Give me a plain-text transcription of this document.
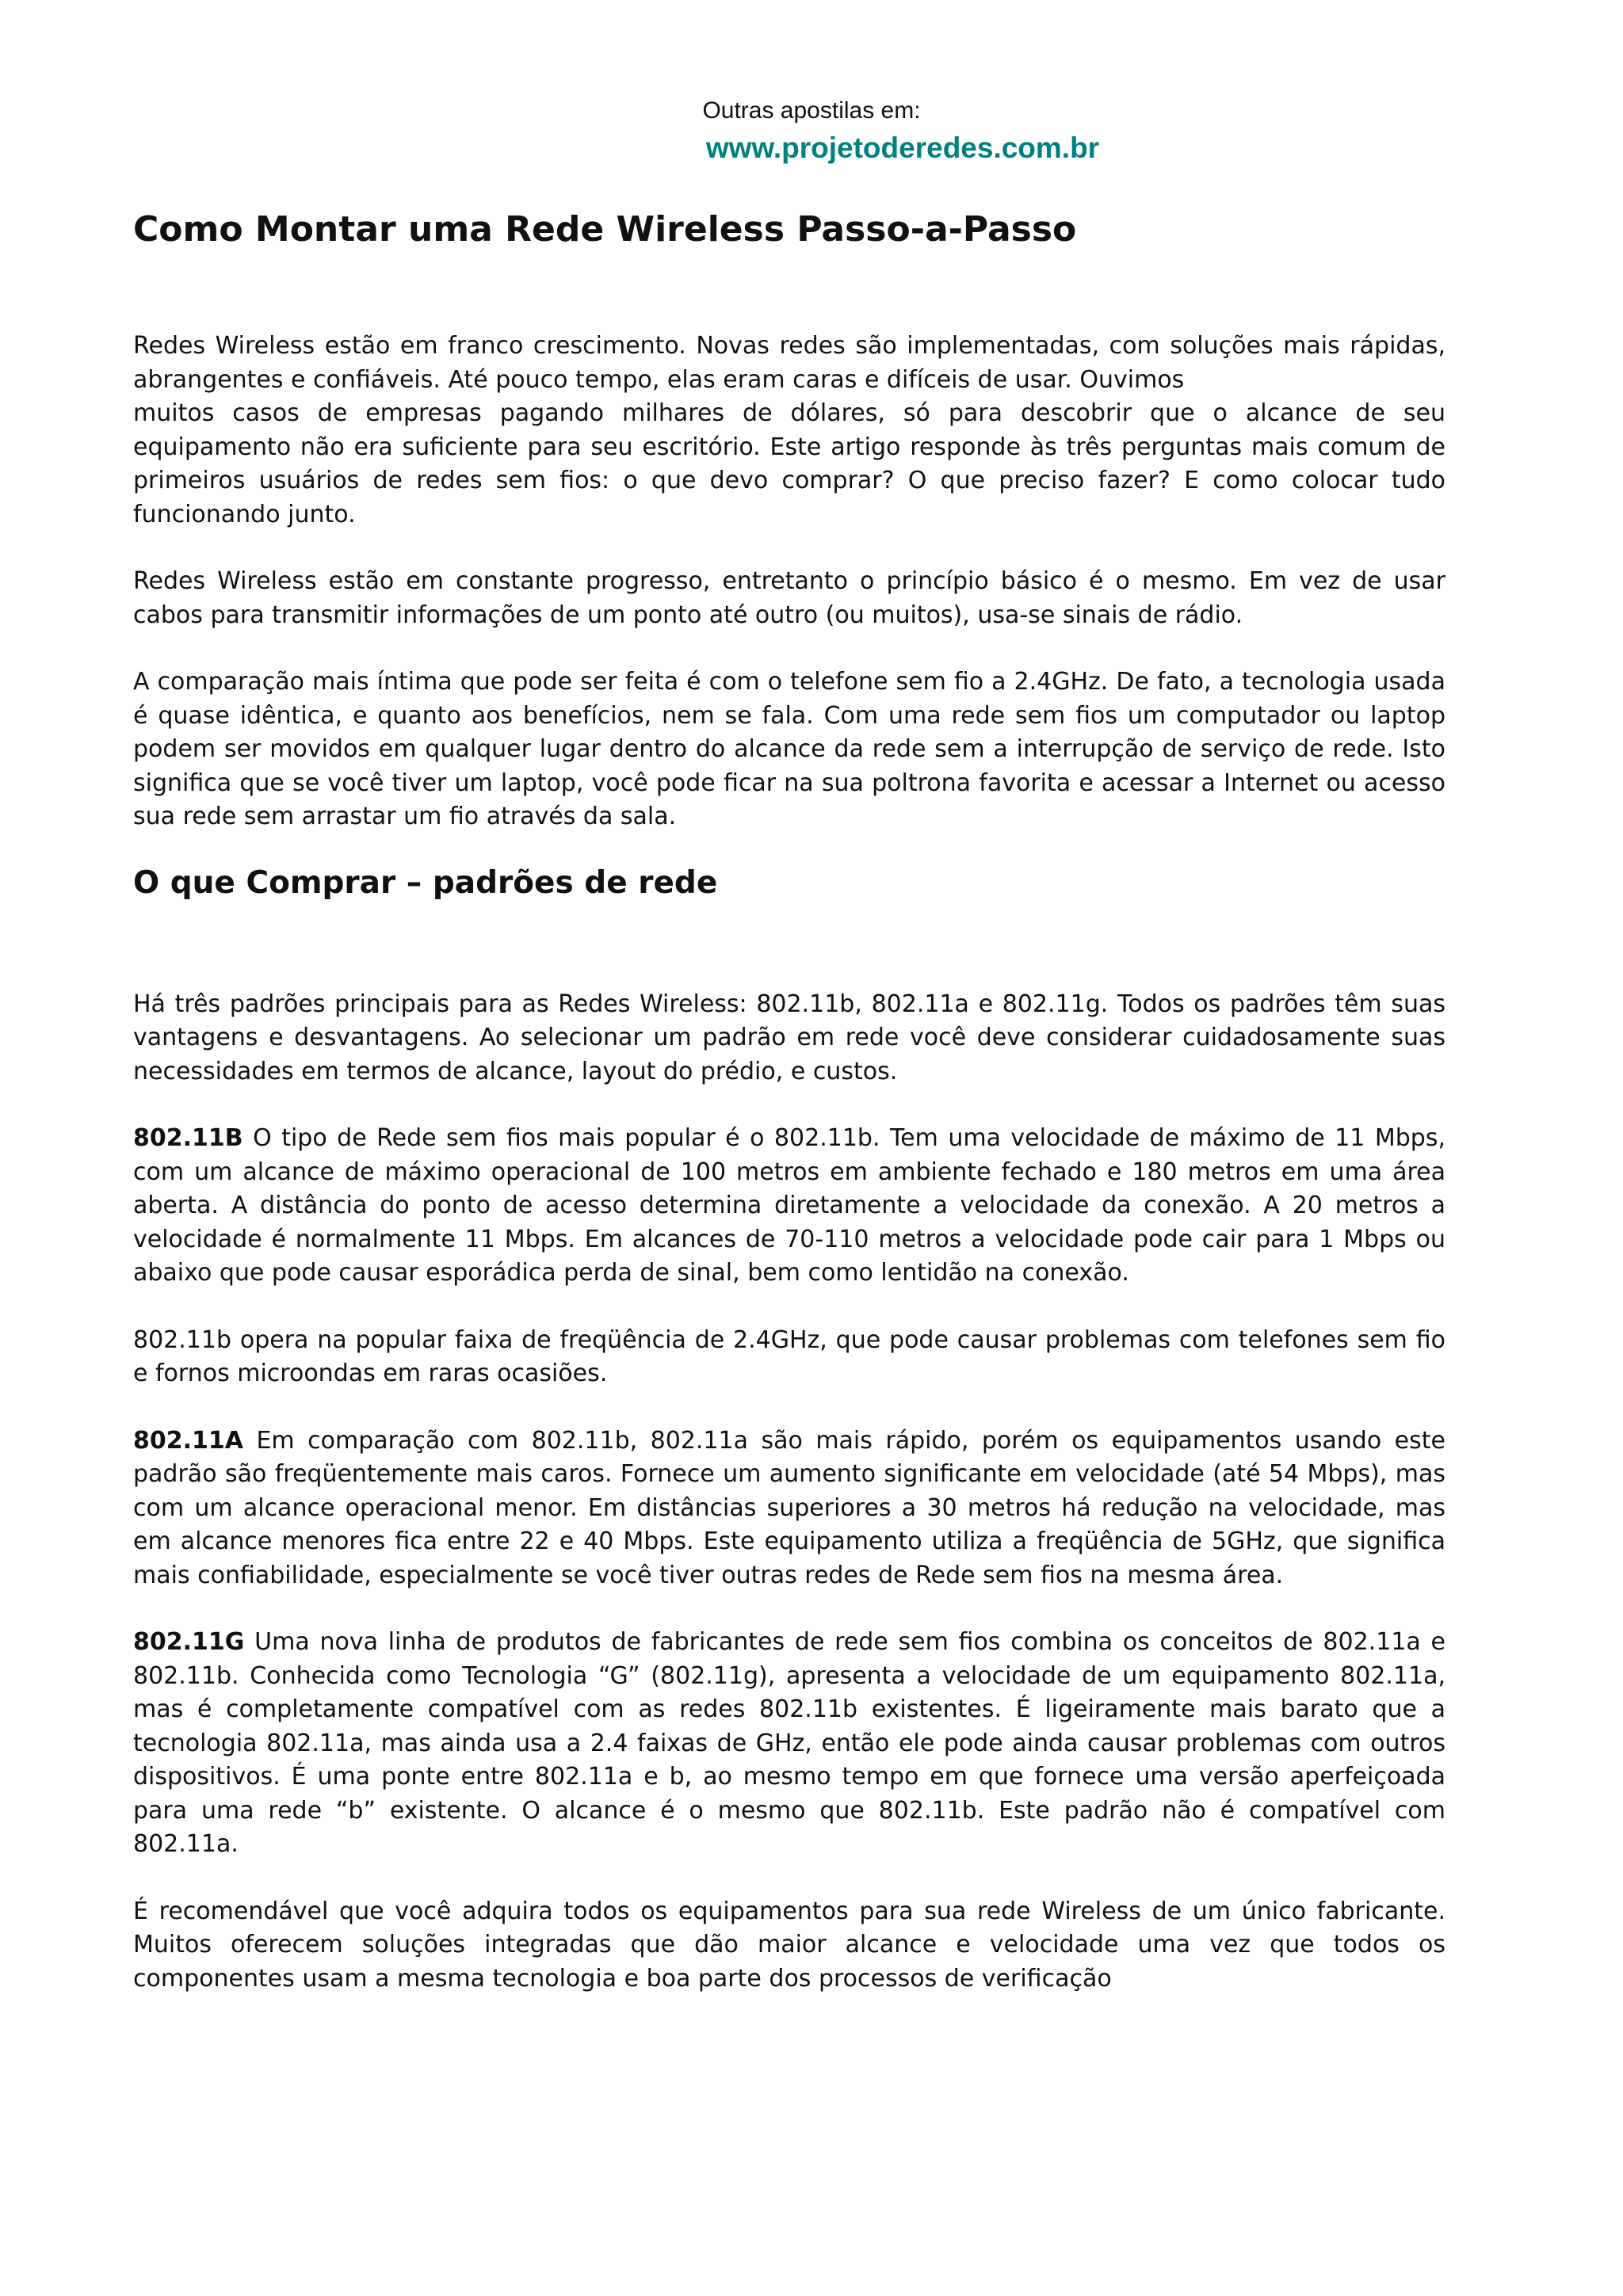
Outras apostilas em:
www.projetoderedes.com.br
Como Montar uma Rede Wireless Passo-a-Passo

Redes Wireless estão em franco crescimento. Novas redes são implementadas, com soluções mais rápidas, abrangentes e confiáveis. Até pouco tempo, elas eram caras e difíceis de usar. Ouvimos
muitos casos de empresas pagando milhares de dólares, só para descobrir que o alcance de seu equipamento não era suficiente para seu escritório. Este artigo responde às três perguntas mais comum de primeiros usuários de redes sem fios: o que devo comprar? O que preciso fazer? E como colocar tudo funcionando junto.

Redes Wireless estão em constante progresso, entretanto o princípio básico é o mesmo. Em vez de usar cabos para transmitir informações de um ponto até outro (ou muitos), usa-se sinais de rádio.

A comparação mais íntima que pode ser feita é com o telefone sem fio a 2.4GHz. De fato, a tecnologia usada é quase idêntica, e quanto aos benefícios, nem se fala. Com uma rede sem fios um computador ou laptop podem ser movidos em qualquer lugar dentro do alcance da rede sem a interrupção de serviço de rede. Isto significa que se você tiver um laptop, você pode ficar na sua poltrona favorita e acessar a Internet ou acesso sua rede sem arrastar um fio através da sala.

O que Comprar – padrões de rede

Há três padrões principais para as Redes Wireless: 802.11b, 802.11a e 802.11g. Todos os padrões têm suas vantagens e desvantagens. Ao selecionar um padrão em rede você deve considerar cuidadosamente suas necessidades em termos de alcance, layout do prédio, e custos.

802.11B O tipo de Rede sem fios mais popular é o 802.11b. Tem uma velocidade de máximo de 11 Mbps, com um alcance de máximo operacional de 100 metros em ambiente fechado e 180 metros em uma área aberta. A distância do ponto de acesso determina diretamente a velocidade da conexão. A 20 metros a velocidade é normalmente 11 Mbps. Em alcances de 70-110 metros a velocidade pode cair para 1 Mbps ou abaixo que pode causar esporádica perda de sinal, bem como lentidão na conexão.

802.11b opera na popular faixa de freqüência de 2.4GHz, que pode causar problemas com telefones sem fio e fornos microondas em raras ocasiões.

802.11A Em comparação com 802.11b, 802.11a são mais rápido, porém os equipamentos usando este padrão são freqüentemente mais caros. Fornece um aumento significante em velocidade (até 54 Mbps), mas com um alcance operacional menor. Em distâncias superiores a 30 metros há redução na velocidade, mas em alcance menores fica entre 22 e 40 Mbps. Este equipamento utiliza a freqüência de 5GHz, que significa mais confiabilidade, especialmente se você tiver outras redes de Rede sem fios na mesma área.

802.11G Uma nova linha de produtos de fabricantes de rede sem fios combina os conceitos de 802.11a e 802.11b. Conhecida como Tecnologia “G” (802.11g), apresenta a velocidade de um equipamento 802.11a, mas é completamente compatível com as redes 802.11b existentes. É ligeiramente mais barato que a tecnologia 802.11a, mas ainda usa a 2.4 faixas de GHz, então ele pode ainda causar problemas com outros dispositivos. É uma ponte entre 802.11a e b, ao mesmo tempo em que fornece uma versão aperfeiçoada para uma rede “b” existente. O alcance é o mesmo que 802.11b. Este padrão não é compatível com 802.11a.

É recomendável que você adquira todos os equipamentos para sua rede Wireless de um único fabricante. Muitos oferecem soluções integradas que dão maior alcance e velocidade uma vez que todos os componentes usam a mesma tecnologia e boa parte dos processos de verificação
